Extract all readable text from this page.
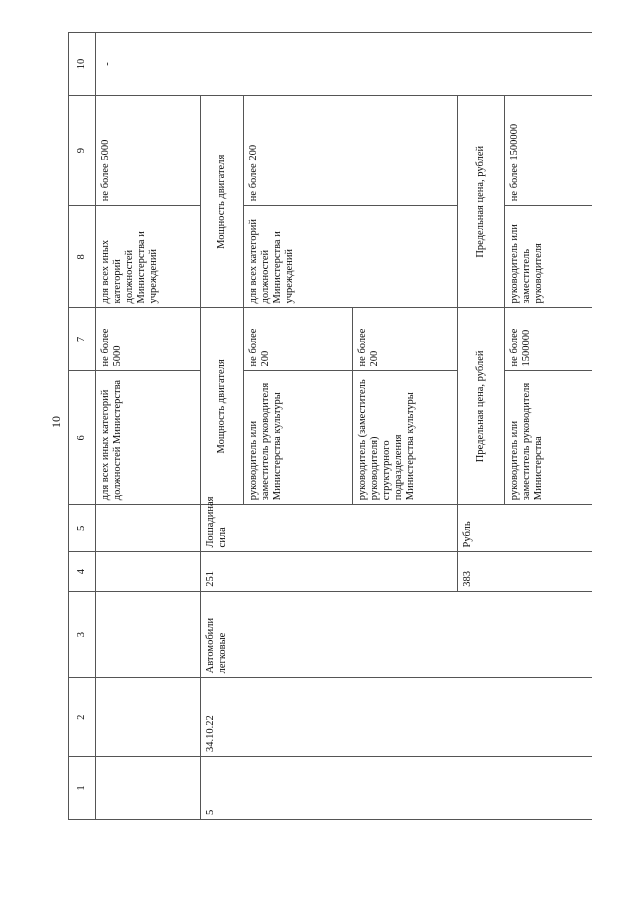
10
1	2	3	4	5	6	7	8	9	10
					для всех иных категорий должностей Министерства	не более 5000	для всех иных категорий должностей Министерства и учреждений	не более 5000	-
5	34.10.22	Автомобили легковые	251	Лошадиная сила	Мощность двигателя		Мощность двигателя		
					руководитель или заместитель руководителя Министерства культуры	не более 200	для всех категорий должностей Министерства и учреждений	не более 200	
					руководитель (заместитель руководителя) структурного подразделения Министерства культуры	не более 200			
			383	Рубль	Предельная цена, рублей		Предельная цена, рублей		
					руководитель или заместитель руководителя Министерства	не более 1500000	руководитель или заместитель руководителя	не более 1500000	
